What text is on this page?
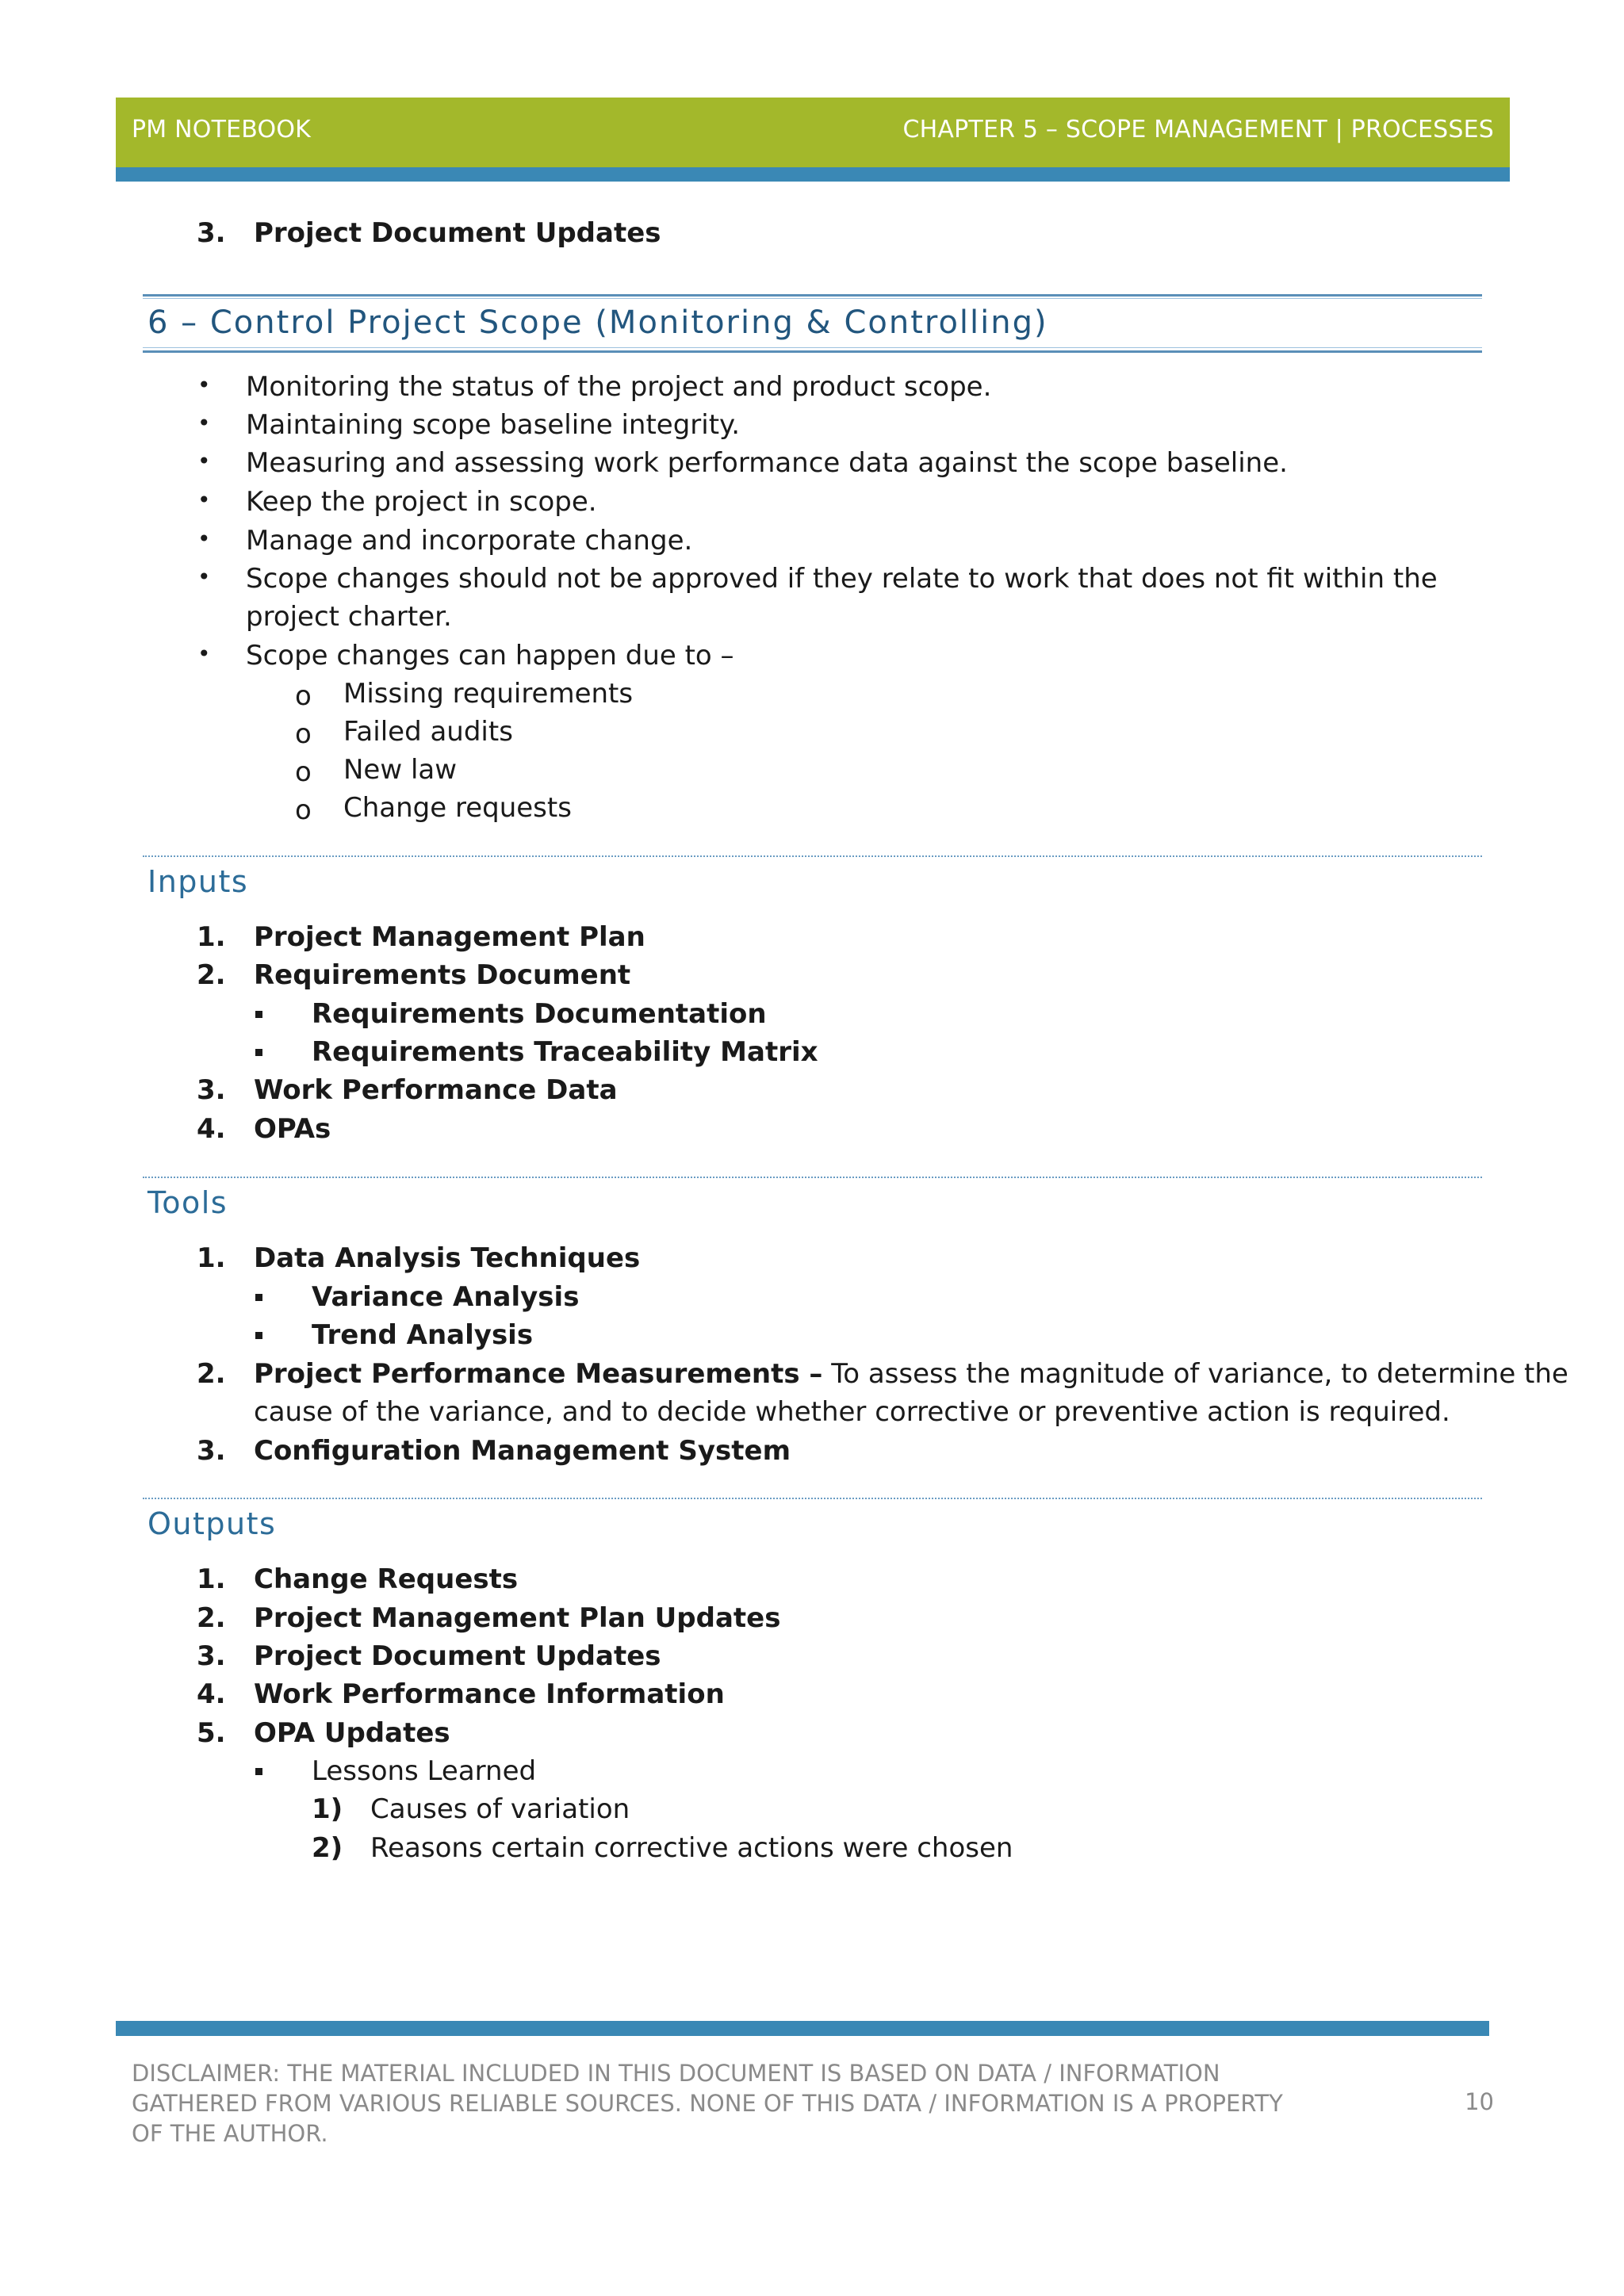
PM NOTEBOOK	CHAPTER 5 – SCOPE MANAGEMENT | PROCESSES
3. Project Document Updates
6 – Control Project Scope (Monitoring & Controlling)
• Monitoring the status of the project and product scope.
• Maintaining scope baseline integrity.
• Measuring and assessing work performance data against the scope baseline.
• Keep the project in scope.
• Manage and incorporate change.
• Scope changes should not be approved if they relate to work that does not fit within the
project charter.
• Scope changes can happen due to –
o Missing requirements
o Failed audits
o New law
o Change requests
Inputs
1. Project Management Plan
2. Requirements Document
Requirements Documentation
Requirements Traceability Matrix
3. Work Performance Data
4. OPAs
Tools
1. Data Analysis Techniques
Variance Analysis
Trend Analysis
2. Project Performance Measurements – To assess the magnitude of variance, to determine the
cause of the variance, and to decide whether corrective or preventive action is required.
3. Configuration Management System
Outputs
1. Change Requests
2. Project Management Plan Updates
3. Project Document Updates
4. Work Performance Information
5. OPA Updates
Lessons Learned
1) Causes of variation
2) Reasons certain corrective actions were chosen
DISCLAIMER: THE MATERIAL INCLUDED IN THIS DOCUMENT IS BASED ON DATA / INFORMATION
GATHERED FROM VARIOUS RELIABLE SOURCES. NONE OF THIS DATA / INFORMATION IS A PROPERTY
OF THE AUTHOR.
10
